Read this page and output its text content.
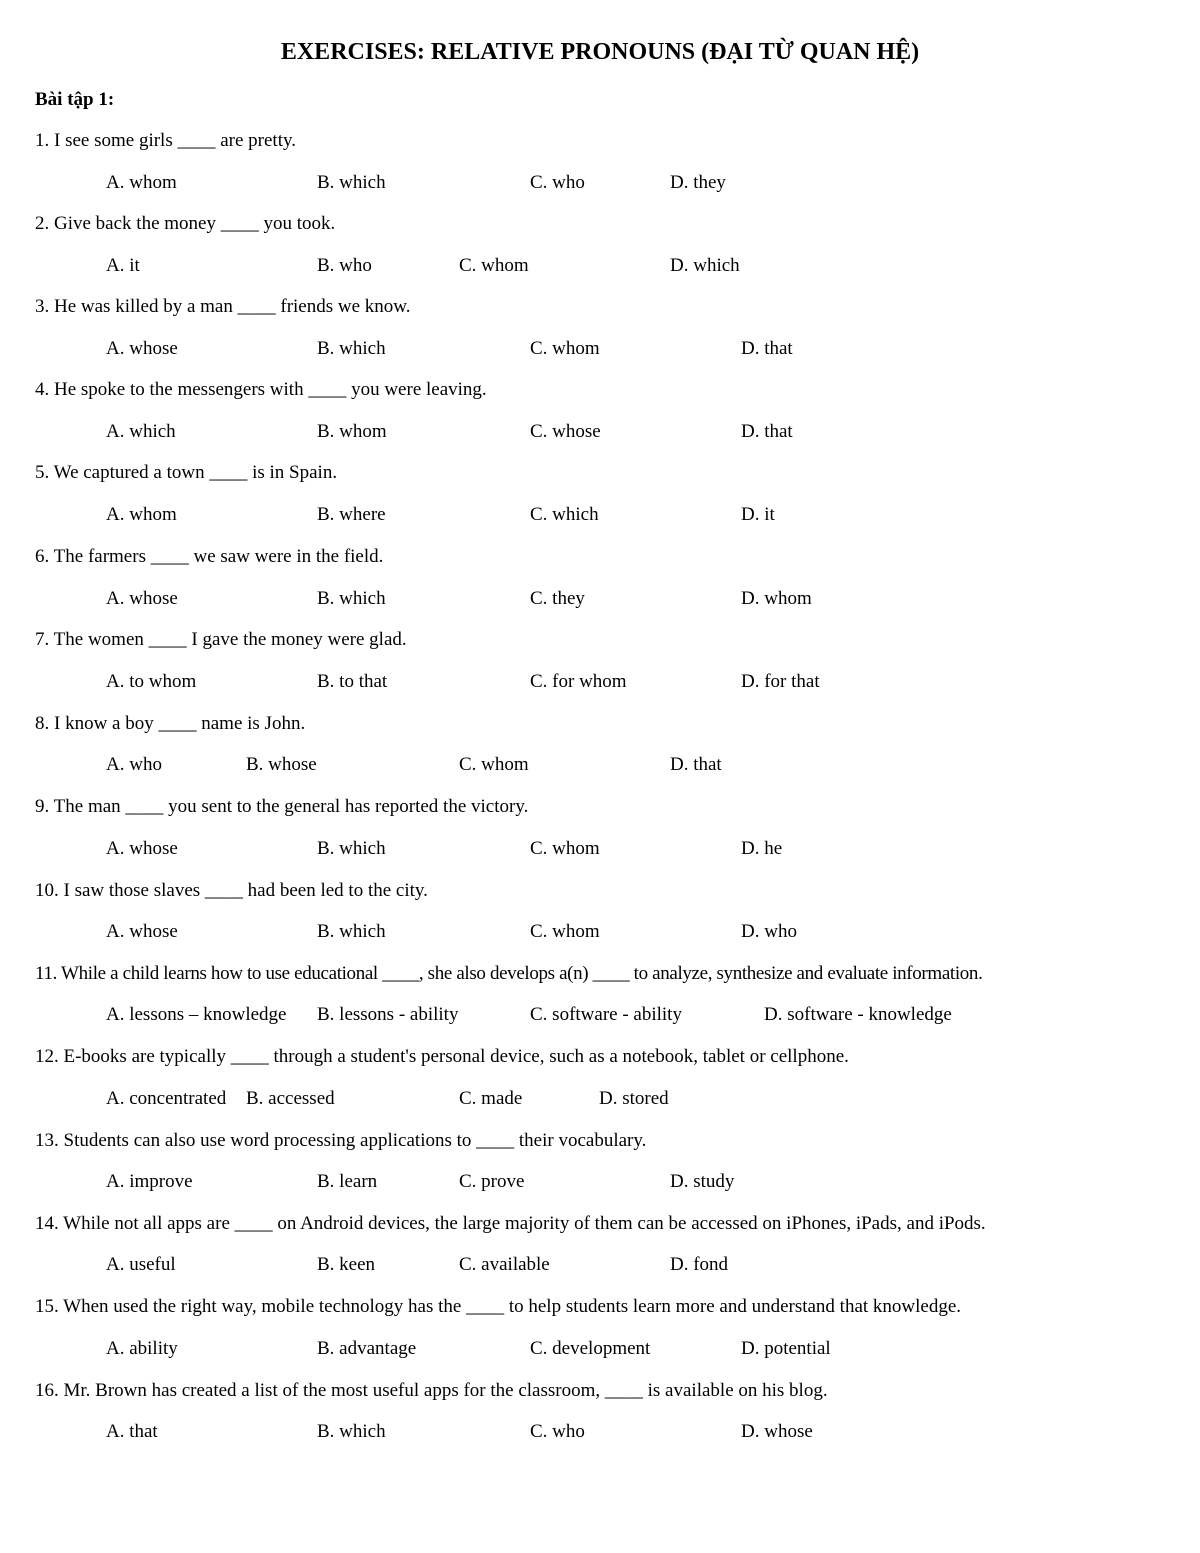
EXERCISES: RELATIVE PRONOUNS (ĐẠI TỪ QUAN HỆ)
Bài tập 1:
1. I see some girls ____ are pretty.
A. whom	B. which	C. who	D. they
2. Give back the money ____ you took.
A. it	B. who	C. whom	D. which
3. He was killed by a man ____ friends we know.
A. whose	B. which	C. whom	D. that
4. He spoke to the messengers with ____ you were leaving.
A. which	B. whom	C. whose	D. that
5. We captured a town ____ is in Spain.
A. whom	B. where	C. which	D. it
6. The farmers ____ we saw were in the field.
A. whose	B. which	C. they	D. whom
7. The women ____ I gave the money were glad.
A. to whom	B. to that	C. for whom	D. for that
8. I know a boy ____ name is John.
A. who	B. whose	C. whom	D. that
9. The man ____ you sent to the general has reported the victory.
A. whose	B. which	C. whom	D. he
10. I saw those slaves ____ had been led to the city.
A. whose	B. which	C. whom	D. who
11. While a child learns how to use educational ____, she also develops a(n) ____ to analyze, synthesize and evaluate information.
A. lessons – knowledge B. lessons - ability	C. software - ability	D. software - knowledge
12. E-books are typically ____ through a student's personal device, such as a notebook, tablet or cellphone.
A. concentrated B. accessed	C. made	D. stored
13. Students can also use word processing applications to ____ their vocabulary.
A. improve	B. learn	C. prove	D. study
14. While not all apps are ____ on Android devices, the large majority of them can be accessed on iPhones, iPads, and iPods.
A. useful	B. keen	C. available	D. fond
15. When used the right way, mobile technology has the ____ to help students learn more and understand that knowledge.
A. ability	B. advantage	C. development	D. potential
16. Mr. Brown has created a list of the most useful apps for the classroom, ____ is available on his blog.
A. that	B. which	C. who	D. whose
